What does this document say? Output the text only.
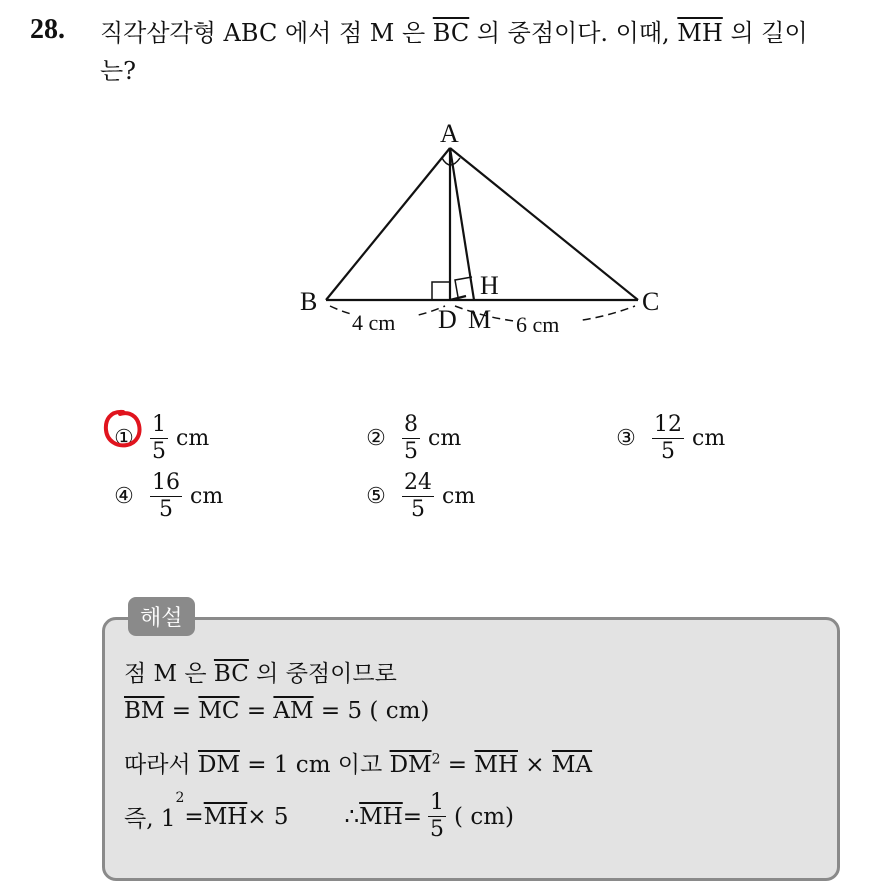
28. 직각삼각형 ABC 에서 점 M 은 $\overline{BC}$ 의 중점이다. 이때, $\overline{MH}$ 의 길이
는?
A
B	C
H
D M
4 cm	6 cm
① $\frac{1}{5}$ cm	② $\frac{8}{5}$ cm	③ $\frac{12}{5}$ cm
④ $\frac{16}{5}$ cm	⑤ $\frac{24}{5}$ cm
해설
점 M 은 $\overline{BC}$ 의 중점이므로
$\overline{BM} = \overline{MC} = \overline{AM} = 5$ ( cm)
따라서 $\overline{DM} = 1$ cm 이고 $\overline{DM}^2 = \overline{MH} \times \overline{MA}$
즉, 1
$^2$
= $\overline{MH} \times 5$ ∴ $\overline{MH} = \frac{1}{5}$ ( cm)
